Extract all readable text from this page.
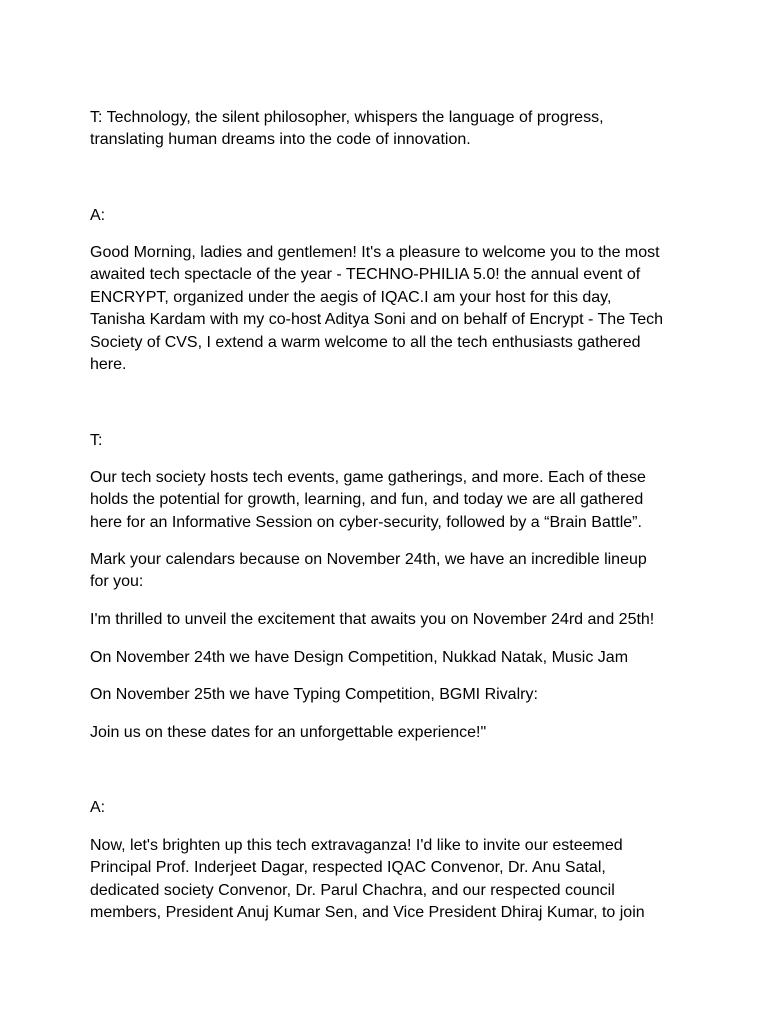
T: Technology, the silent philosopher, whispers the language of progress,
translating human dreams into the code of innovation.

A:

Good Morning, ladies and gentlemen! It's a pleasure to welcome you to the most
awaited tech spectacle of the year - TECHNO-PHILIA 5.0! the annual event of
ENCRYPT, organized under the aegis of IQAC.I am your host for this day,
Tanisha Kardam with my co-host Aditya Soni and on behalf of Encrypt - The Tech
Society of CVS, I extend a warm welcome to all the tech enthusiasts gathered
here.

T:

Our tech society hosts tech events, game gatherings, and more. Each of these
holds the potential for growth, learning, and fun, and today we are all gathered
here for an Informative Session on cyber-security, followed by a “Brain Battle”.

Mark your calendars because on November 24th, we have an incredible lineup
for you:

I'm thrilled to unveil the excitement that awaits you on November 24rd and 25th!

On November 24th we have Design Competition, Nukkad Natak, Music Jam

On November 25th we have Typing Competition, BGMI Rivalry:

Join us on these dates for an unforgettable experience!"

A:

Now, let's brighten up this tech extravaganza! I'd like to invite our esteemed
Principal Prof. Inderjeet Dagar, respected IQAC Convenor, Dr. Anu Satal,
dedicated society Convenor, Dr. Parul Chachra, and our respected council
members, President Anuj Kumar Sen, and Vice President Dhiraj Kumar, to join
